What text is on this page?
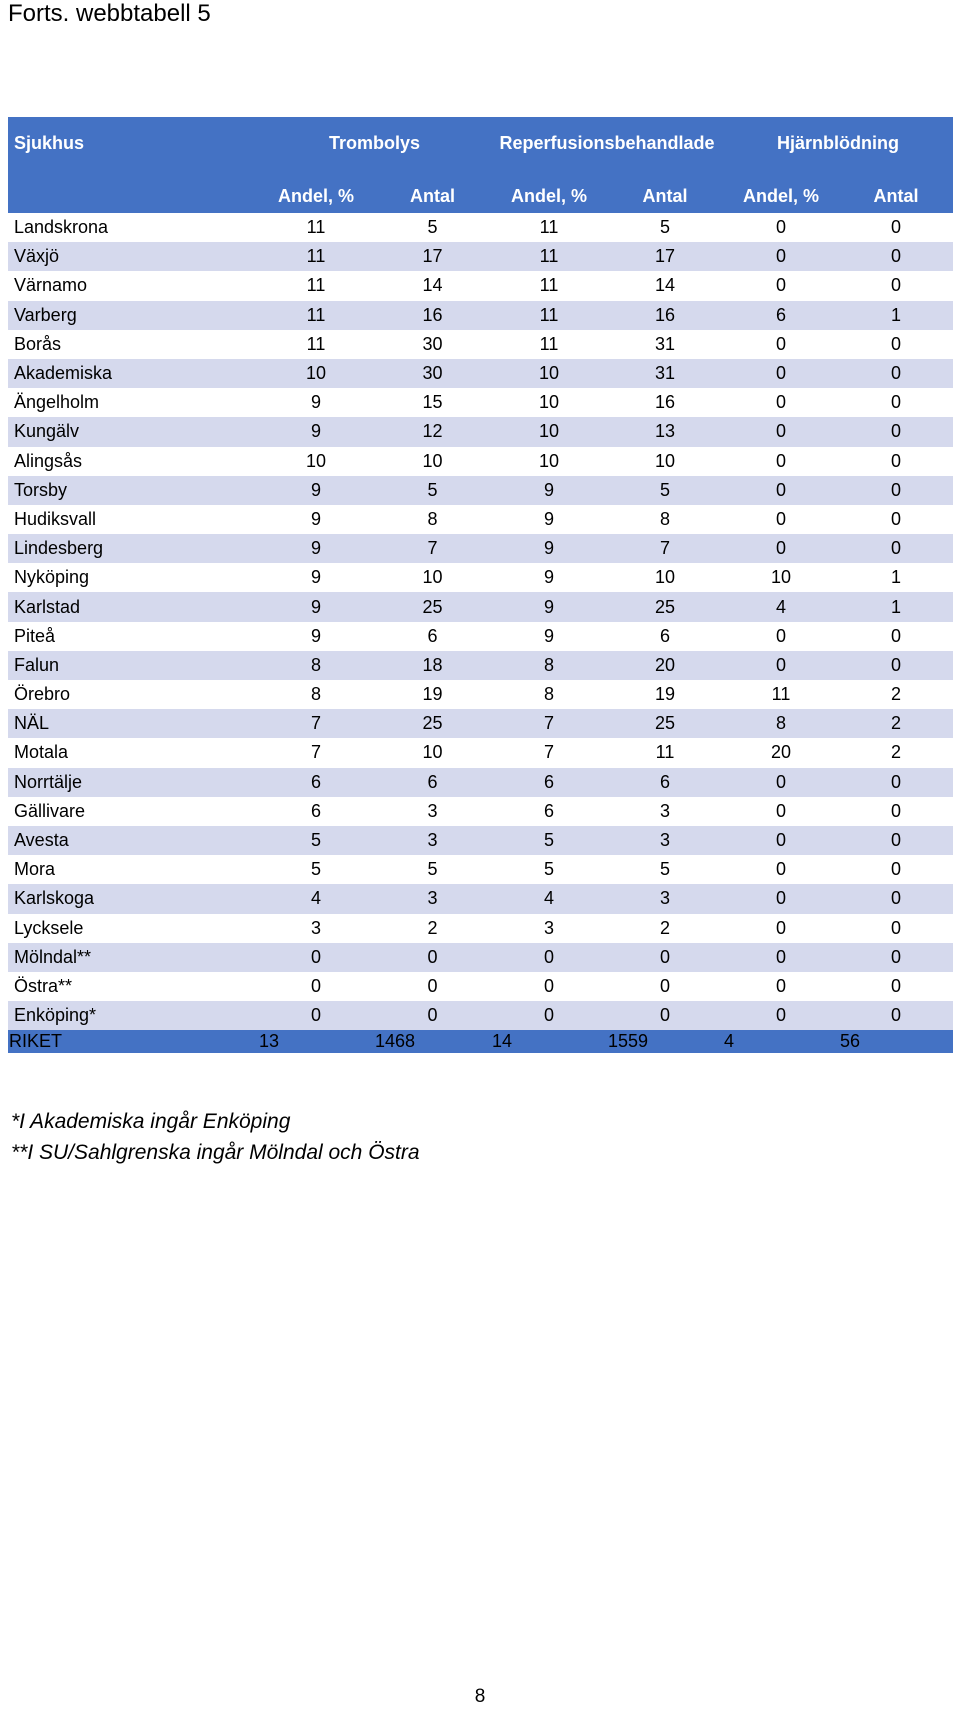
Forts. webbtabell 5
Sjukhus	Trombolys		Reperfusionsbehandlade		Hjärnblödning	
	Andel, %	Antal	Andel, %	Antal	Andel, %	Antal
Landskrona	11	5	11	5	0	0
Växjö	11	17	11	17	0	0
Värnamo	11	14	11	14	0	0
Varberg	11	16	11	16	6	1
Borås	11	30	11	31	0	0
Akademiska	10	30	10	31	0	0
Ängelholm	9	15	10	16	0	0
Kungälv	9	12	10	13	0	0
Alingsås	10	10	10	10	0	0
Torsby	9	5	9	5	0	0
Hudiksvall	9	8	9	8	0	0
Lindesberg	9	7	9	7	0	0
Nyköping	9	10	9	10	10	1
Karlstad	9	25	9	25	4	1
Piteå	9	6	9	6	0	0
Falun	8	18	8	20	0	0
Örebro	8	19	8	19	11	2
NÄL	7	25	7	25	8	2
Motala	7	10	7	11	20	2
Norrtälje	6	6	6	6	0	0
Gällivare	6	3	6	3	0	0
Avesta	5	3	5	3	0	0
Mora	5	5	5	5	0	0
Karlskoga	4	3	4	3	0	0
Lycksele	3	2	3	2	0	0
Mölndal**	0	0	0	0	0	0
Östra**	0	0	0	0	0	0
Enköping*	0	0	0	0	0	0
RIKET	13	1468	14	1559	4	56
*I Akademiska ingår Enköping
**I SU/Sahlgrenska ingår Mölndal och Östra
8
